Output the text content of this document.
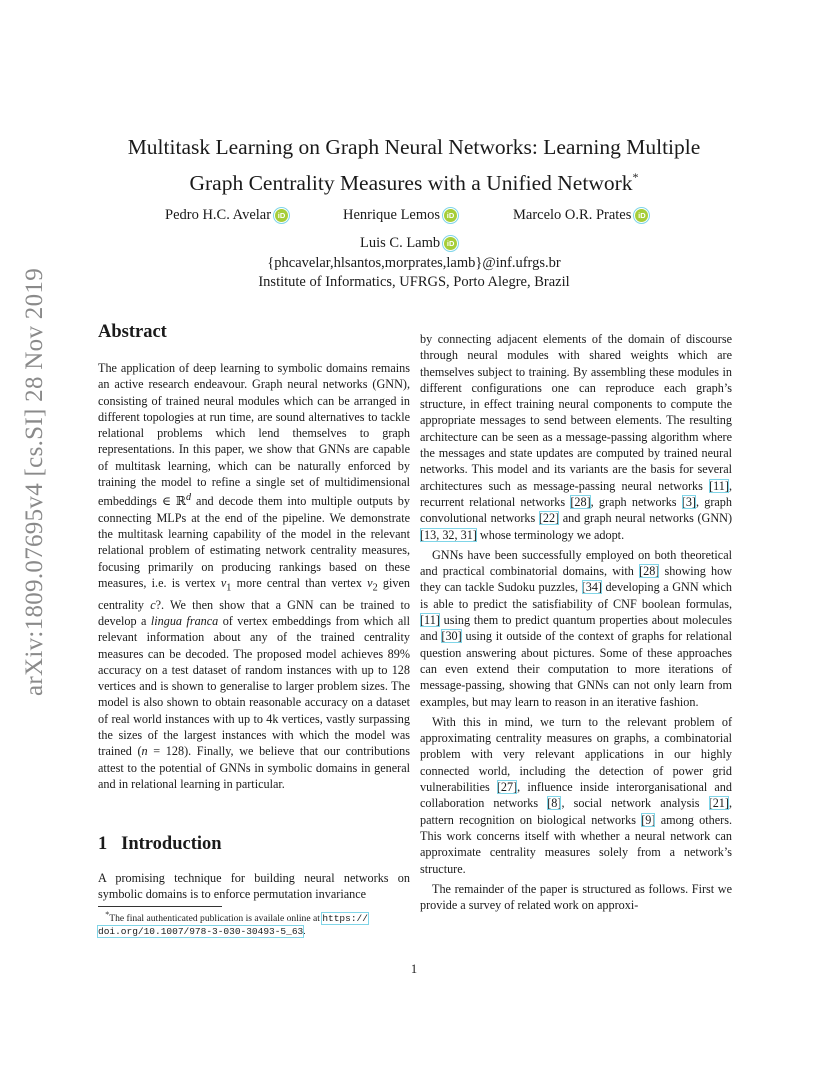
arXiv:1809.07695v4 [cs.SI] 28 Nov 2019
Multitask Learning on Graph Neural Networks: Learning Multiple
Graph Centrality Measures with a Unified Network*
Pedro H.C. Avelar iD	Henrique Lemos iD	Marcelo O.R. Prates iD
Luis C. Lamb iD
{phcavelar,hlsantos,morprates,lamb}@inf.ufrgs.br
Institute of Informatics, UFRGS, Porto Alegre, Brazil
Abstract

The application of deep learning to symbolic domains remains an active research endeavour. Graph neural networks (GNN), consisting of trained neural modules which can be arranged in different topologies at run time, are sound alternatives to tackle relational problems which lend themselves to graph representations. In this paper, we show that GNNs are capable of multitask learning, which can be naturally enforced by training the model to refine a single set of multidimensional embeddings ∈ ℝ$^d$ and decode them into multiple outputs by connecting MLPs at the end of the pipeline. We demonstrate the multitask learning capability of the model in the relevant relational problem of estimating network centrality measures, focusing primarily on producing rankings based on these measures, i.e. is vertex $v_1$ more central than vertex $v_2$ given centrality c?. We then show that a GNN can be trained to develop a lingua franca of vertex embeddings from which all relevant information about any of the trained centrality measures can be decoded. The proposed model achieves 89% accuracy on a test dataset of random instances with up to 128 vertices and is shown to generalise to larger problem sizes. The model is also shown to obtain reasonable accuracy on a dataset of real world instances with up to 4k vertices, vastly surpassing the sizes of the largest instances with which the model was trained (n = 128). Finally, we believe that our contributions attest to the potential of GNNs in symbolic domains in general and in relational learning in particular.

1 Introduction

A promising technique for building neural networks on symbolic domains is to enforce permutation invariance

*The final authenticated publication is availale online at https://
doi.org/10.1007/978-3-030-30493-5_63.

by connecting adjacent elements of the domain of discourse through neural modules with shared weights which are themselves subject to training. By assembling these modules in different configurations one can reproduce each graph’s structure, in effect training neural components to compute the appropriate messages to send between elements. The resulting architecture can be seen as a message-passing algorithm where the messages and state updates are computed by trained neural networks. This model and its variants are the basis for several architectures such as message-passing neural networks [11], recurrent relational networks [28], graph networks [3], graph convolutional networks [22] and graph neural networks (GNN) [13, 32, 31] whose terminology we adopt.

GNNs have been successfully employed on both theoretical and practical combinatorial domains, with [28] showing how they can tackle Sudoku puzzles, [34] developing a GNN which is able to predict the satisfiability of CNF boolean formulas, [11] using them to predict quantum properties about molecules and [30] using it outside of the context of graphs for relational question answering about pictures. Some of these approaches can even extend their computation to more iterations of message-passing, showing that GNNs can not only learn from examples, but may learn to reason in an iterative fashion.

With this in mind, we turn to the relevant problem of approximating centrality measures on graphs, a combinatorial problem with very relevant applications in our highly connected world, including the detection of power grid vulnerabilities [27], influence inside interorganisational and collaboration networks [8], social network analysis [21], pattern recognition on biological networks [9] among others. This work concerns itself with whether a neural network can approximate centrality measures solely from a network’s structure.

The remainder of the paper is structured as follows. First we provide a survey of related work on approxi-

1
